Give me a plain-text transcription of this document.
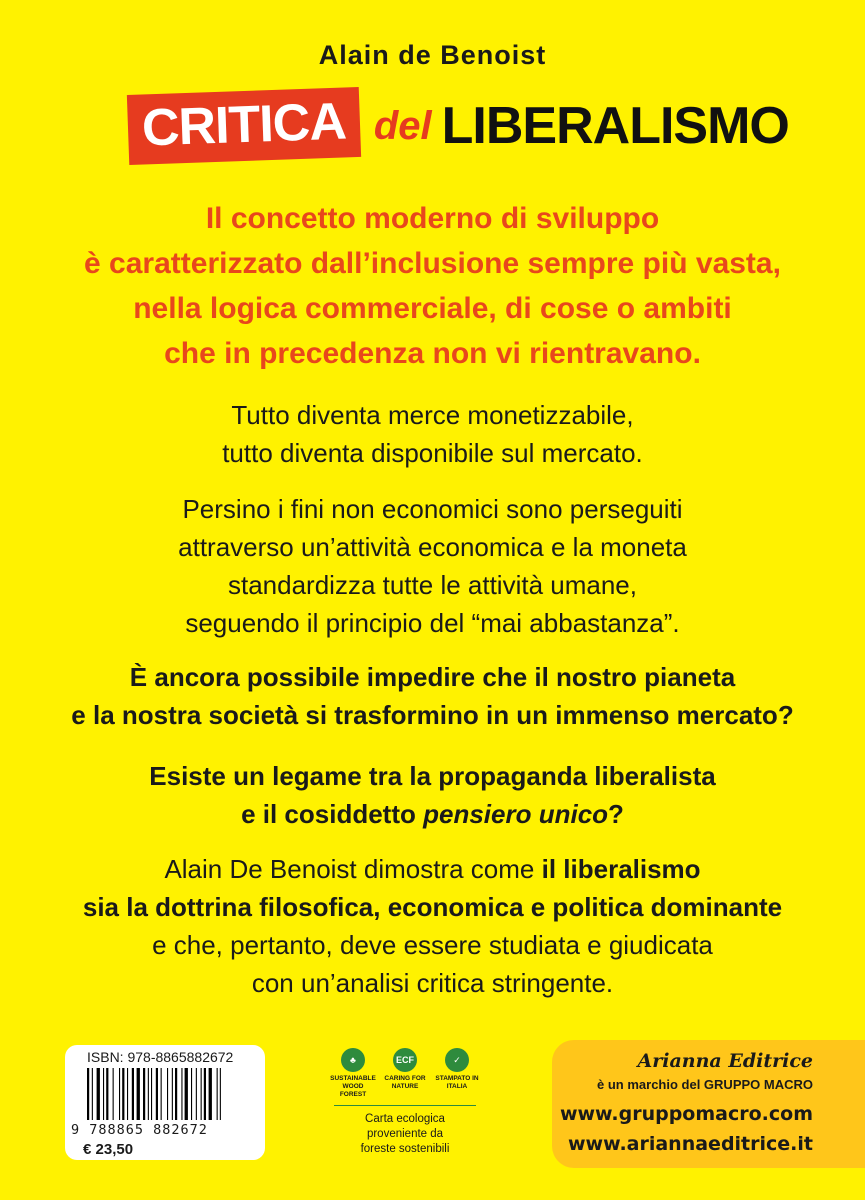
Alain de Benoist
CRITICA del LIBERALISMO
Il concetto moderno di sviluppo
è caratterizzato dall’inclusione sempre più vasta,
nella logica commerciale, di cose o ambiti
che in precedenza non vi rientravano.
Tutto diventa merce monetizzabile,
tutto diventa disponibile sul mercato.
Persino i fini non economici sono perseguiti
attraverso un’attività economica e la moneta
standardizza tutte le attività umane,
seguendo il principio del “mai abbastanza”.
È ancora possibile impedire che il nostro pianeta
e la nostra società si trasformino in un immenso mercato?
Esiste un legame tra la propaganda liberalista
e il cosiddetto pensiero unico?
Alain De Benoist dimostra come il liberalismo
sia la dottrina filosofica, economica e politica dominante
e che, pertanto, deve essere studiata e giudicata
con un’analisi critica stringente.
ISBN: 978-8865882672
9 788865 882672
€ 23,50
♣
SUSTAINABLE WOOD FOREST
ECF
CARING FOR NATURE
✓
STAMPATO IN ITALIA
Carta ecologica
proveniente da
foreste sostenibili
Arianna Editrice
è un marchio del GRUPPO MACRO
www.gruppomacro.com
www.ariannaeditrice.it
